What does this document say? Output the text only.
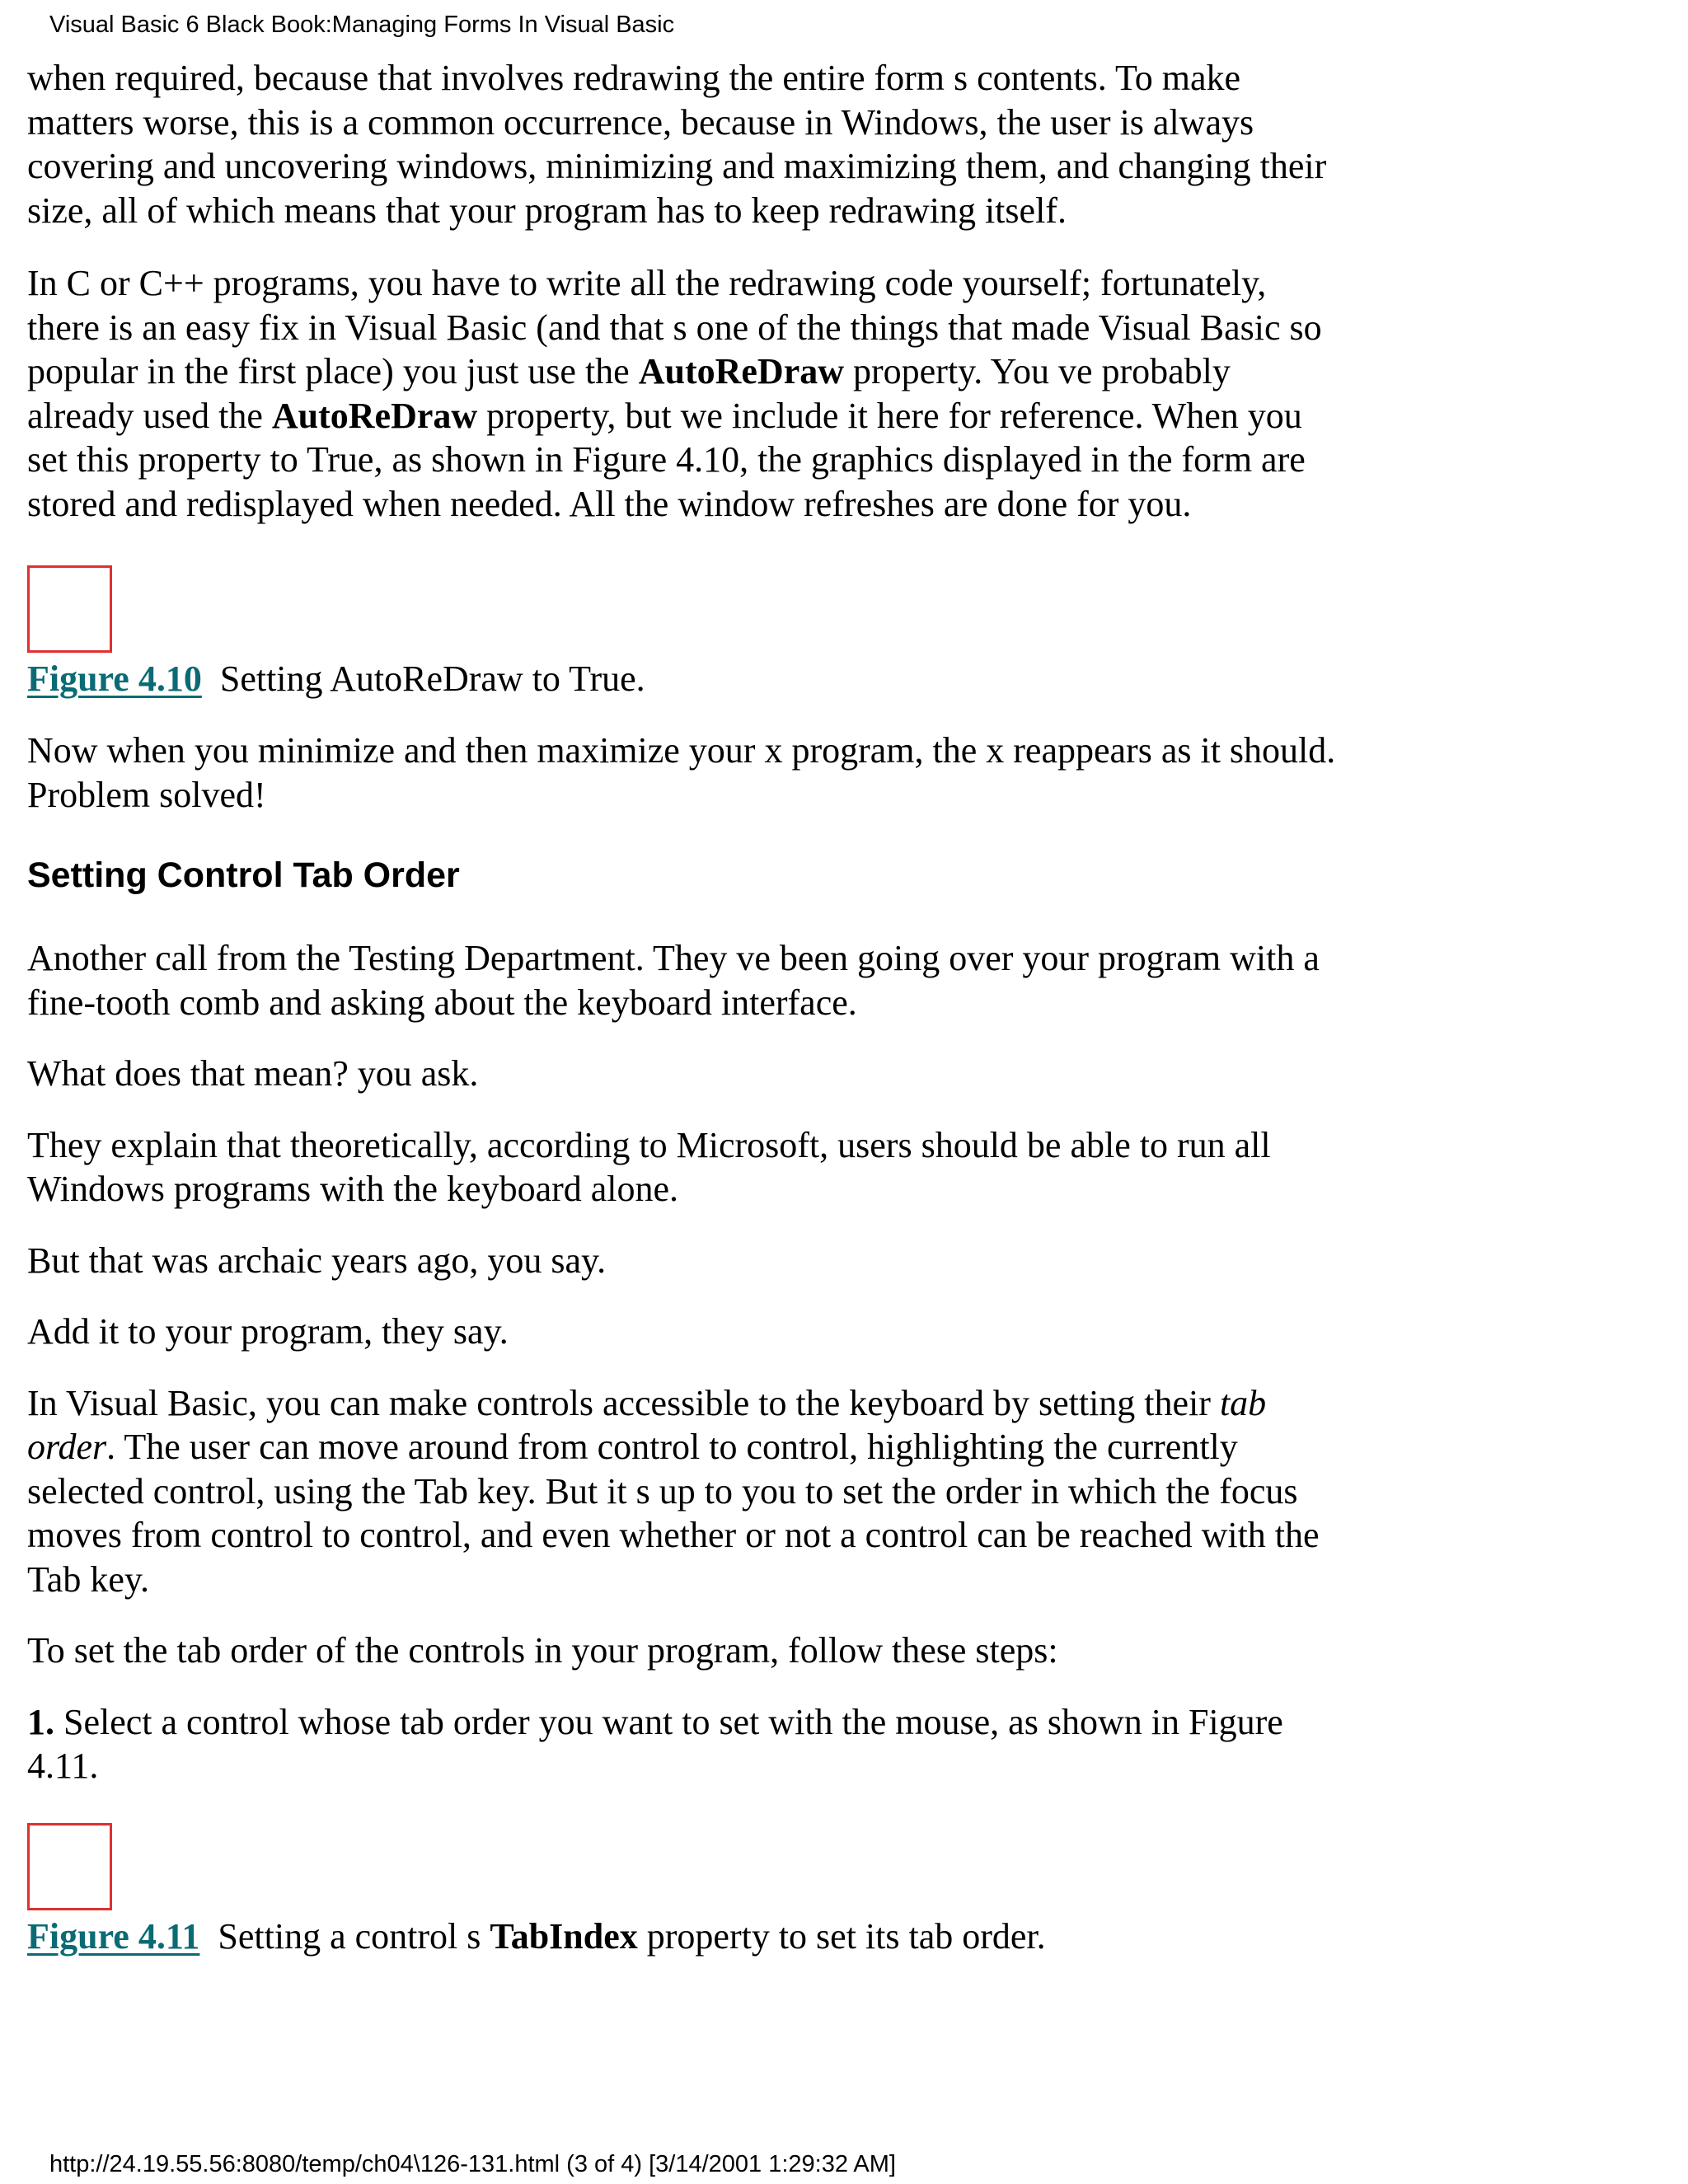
Visual Basic 6 Black Book:Managing Forms In Visual Basic

when required, because that involves redrawing the entire form s contents. To make matters worse, this is a common occurrence, because in Windows, the user is always covering and uncovering windows, minimizing and maximizing them, and changing their size, all of which means that your program has to keep redrawing itself.

In C or C++ programs, you have to write all the redrawing code yourself; fortunately, there is an easy fix in Visual Basic (and that s one of the things that made Visual Basic so popular in the first place) you just use the AutoReDraw property. You ve probably already used the AutoReDraw property, but we include it here for reference. When you set this property to True, as shown in Figure 4.10, the graphics displayed in the form are stored and redisplayed when needed. All the window refreshes are done for you.

Figure 4.10 Setting AutoReDraw to True.

Now when you minimize and then maximize your x program, the x reappears as it should. Problem solved!

Setting Control Tab Order

Another call from the Testing Department. They ve been going over your program with a fine-tooth comb and asking about the keyboard interface.

What does that mean? you ask.

They explain that theoretically, according to Microsoft, users should be able to run all Windows programs with the keyboard alone.

But that was archaic years ago, you say.

Add it to your program, they say.

In Visual Basic, you can make controls accessible to the keyboard by setting their tab order. The user can move around from control to control, highlighting the currently selected control, using the Tab key. But it s up to you to set the order in which the focus moves from control to control, and even whether or not a control can be reached with the Tab key.

To set the tab order of the controls in your program, follow these steps:

1. Select a control whose tab order you want to set with the mouse, as shown in Figure 4.11.

Figure 4.11 Setting a control s TabIndex property to set its tab order.
http://24.19.55.56:8080/temp/ch04\126-131.html (3 of 4) [3/14/2001 1:29:32 AM]
